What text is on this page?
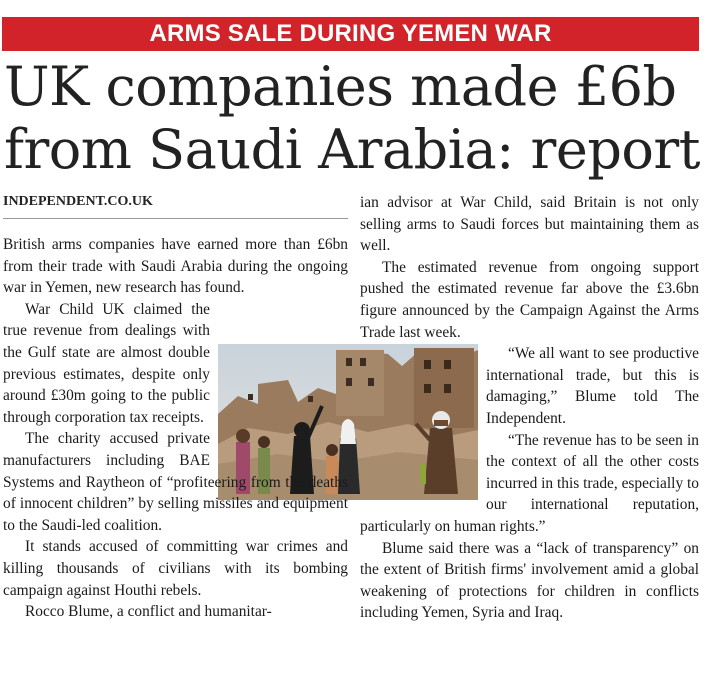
ARMS SALE DURING YEMEN WAR
UK companies made £6b from Saudi Arabia: report
INDEPENDENT.CO.UK

British arms companies have earned more than £6bn from their trade with Saudi Arabia during the ongoing war in Yemen, new research has found.

War Child UK claimed the true revenue from dealings with the Gulf state are almost double previous estimates, despite only around £30m going to the public through corporation tax receipts.

The charity accused private manufacturers including BAE Systems and Raytheon of “profiteering from the deaths of innocent children” by selling missiles and equipment to the Saudi-led coalition.

It stands accused of committing war crimes and killing thousands of civilians with its bombing campaign against Houthi rebels.

Rocco Blume, a conflict and humanitar-

ian advisor at War Child, said Britain is not only selling arms to Saudi forces but maintaining them as well.

The estimated revenue from ongoing support pushed the estimated revenue far above the £3.6bn figure announced by the Campaign Against the Arms Trade last week.

“We all want to see productive international trade, but this is damaging,” Blume told The Independent.

“The revenue has to be seen in the context of all the other costs incurred in this trade, especially to our international reputation, particularly on human rights.”

Blume said there was a “lack of transparency” on the extent of British firms' involvement amid a global weakening of protections for children in conflicts including Yemen, Syria and Iraq.
